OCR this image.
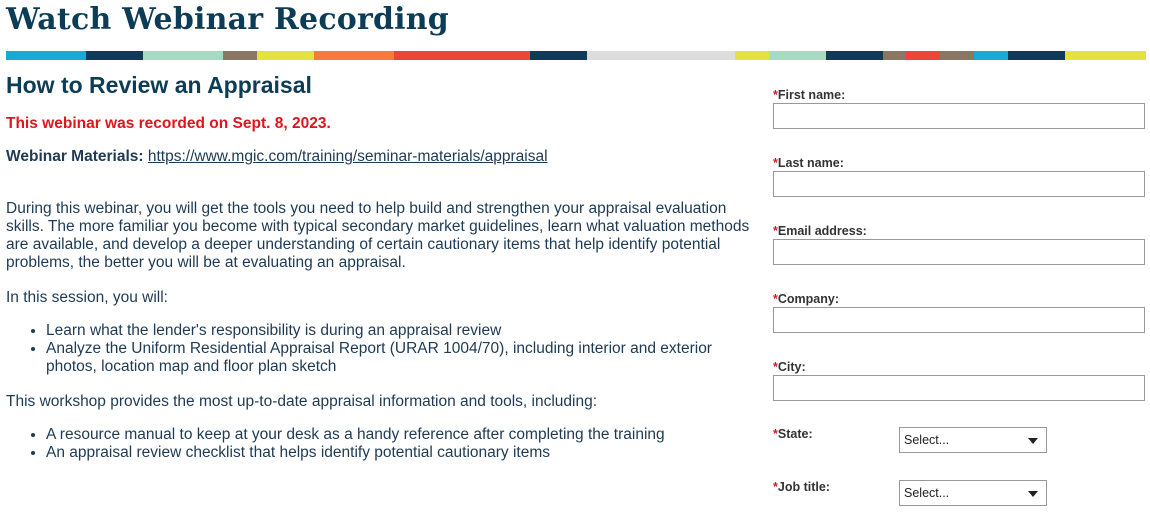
Watch Webinar Recording
How to Review an Appraisal

This webinar was recorded on Sept. 8, 2023.

Webinar Materials: https://www.mgic.com/training/seminar-materials/appraisal

During this webinar, you will get the tools you need to help build and strengthen your appraisal evaluation skills. The more familiar you become with typical secondary market guidelines, learn what valuation methods are available, and develop a deeper understanding of certain cautionary items that help identify potential problems, the better you will be at evaluating an appraisal.

In this session, you will:

• Learn what the lender's responsibility is during an appraisal review
• Analyze the Uniform Residential Appraisal Report (URAR 1004/70), including interior and exterior photos, location map and floor plan sketch

This workshop provides the most up-to-date appraisal information and tools, including:

• A resource manual to keep at your desk as a handy reference after completing the training
• An appraisal review checklist that helps identify potential cautionary items
*First name:
*Last name:
*Email address:
*Company:
*City:
*State:	Select...
*Job title:	Select...
